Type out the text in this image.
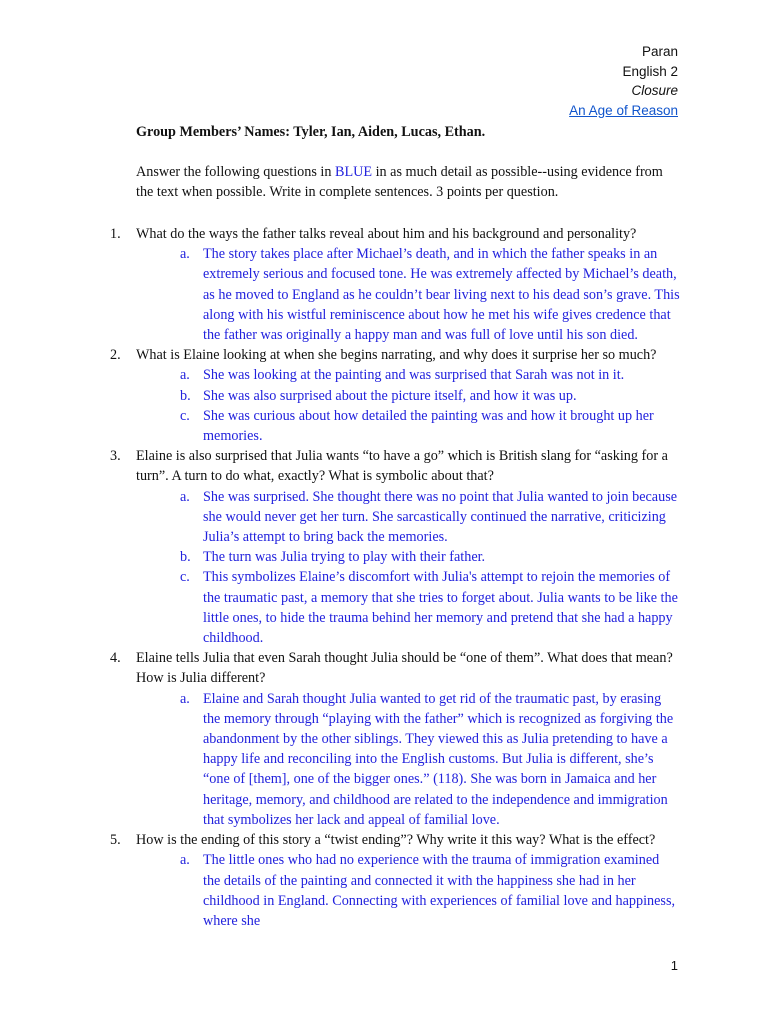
Paran
English 2
Closure
An Age of Reason
Group Members’ Names: Tyler, Ian, Aiden, Lucas, Ethan.
Answer the following questions in BLUE in as much detail as possible--using evidence from the text when possible. Write in complete sentences. 3 points per question.
1. What do the ways the father talks reveal about him and his background and personality?
a. The story takes place after Michael’s death, and in which the father speaks in an extremely serious and focused tone. He was extremely affected by Michael’s death, as he moved to England as he couldn’t bear living next to his dead son’s grave. This along with his wistful reminiscence about how he met his wife gives credence that the father was originally a happy man and was full of love until his son died.
2. What is Elaine looking at when she begins narrating, and why does it surprise her so much?
a. She was looking at the painting and was surprised that Sarah was not in it.
b. She was also surprised about the picture itself, and how it was up.
c. She was curious about how detailed the painting was and how it brought up her memories.
3. Elaine is also surprised that Julia wants “to have a go” which is British slang for “asking for a turn”. A turn to do what, exactly? What is symbolic about that?
a. She was surprised. She thought there was no point that Julia wanted to join because she would never get her turn. She sarcastically continued the narrative, criticizing Julia’s attempt to bring back the memories.
b. The turn was Julia trying to play with their father.
c. This symbolizes Elaine’s discomfort with Julia's attempt to rejoin the memories of the traumatic past, a memory that she tries to forget about. Julia wants to be like the little ones, to hide the trauma behind her memory and pretend that she had a happy childhood.
4. Elaine tells Julia that even Sarah thought Julia should be “one of them”. What does that mean? How is Julia different?
a. Elaine and Sarah thought Julia wanted to get rid of the traumatic past, by erasing the memory through “playing with the father” which is recognized as forgiving the abandonment by the other siblings. They viewed this as Julia pretending to have a happy life and reconciling into the English customs. But Julia is different, she’s “one of [them], one of the bigger ones.” (118). She was born in Jamaica and her heritage, memory, and childhood are related to the independence and immigration that symbolizes her lack and appeal of familial love.
5. How is the ending of this story a “twist ending”? Why write it this way? What is the effect?
a. The little ones who had no experience with the trauma of immigration examined the details of the painting and connected it with the happiness she had in her childhood in England. Connecting with experiences of familial love and happiness, where she
1
